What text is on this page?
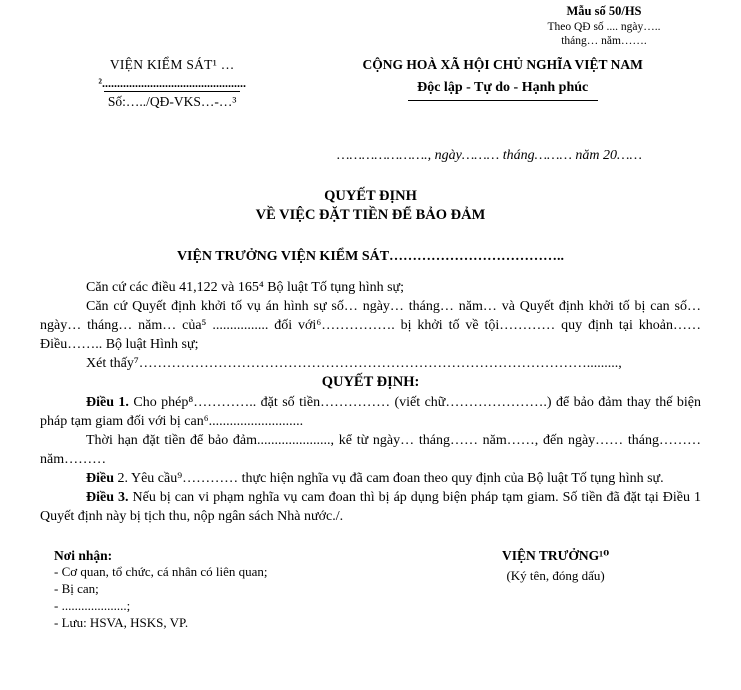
Mẫu số 50/HS
Theo QĐ số .... ngày…..
tháng… năm…….
VIỆN KIỂM SÁT¹ …
²................................................
Số:…../QĐ-VKS…-…³
CỘNG HOÀ XÃ HỘI CHỦ NGHĨA VIỆT NAM
Độc lập - Tự do - Hạnh phúc
…………………., ngày……… tháng……… năm 20……
QUYẾT ĐỊNH
VỀ VIỆC ĐẶT TIỀN ĐỂ BẢO ĐẢM
VIỆN TRƯỞNG VIỆN KIỂM SÁT………………………………..

Căn cứ các điều 41,122 và 165⁴ Bộ luật Tố tụng hình sự;

Căn cứ Quyết định khởi tố vụ án hình sự số… ngày… tháng… năm… và Quyết định khởi tố bị can số… ngày… tháng… năm… của⁵ ................ đối với⁶……………. bị khởi tố về tội………… quy định tại khoản…… Điều…….. Bộ luật Hình sự;

Xét thấy⁷…………………………………………………………………………………….........,

QUYẾT ĐỊNH:

Điều 1. Cho phép⁸………….. đặt số tiền…………… (viết chữ………………….) để bảo đảm thay thế biện pháp tạm giam đối với bị can⁶...........................

Thời hạn đặt tiền để bảo đảm....................., kể từ ngày… tháng…… năm……, đến ngày…… tháng……… năm………

Điều 2. Yêu cầu⁹………… thực hiện nghĩa vụ đã cam đoan theo quy định của Bộ luật Tố tụng hình sự.

Điều 3. Nếu bị can vi phạm nghĩa vụ cam đoan thì bị áp dụng biện pháp tạm giam. Số tiền đã đặt tại Điều 1 Quyết định này bị tịch thu, nộp ngân sách Nhà nước./.

Nơi nhận:
- Cơ quan, tổ chức, cá nhân có liên quan;
- Bị can;
- ....................;
- Lưu: HSVA, HSKS, VP.
VIỆN TRƯỞNG¹⁰
(Ký tên, đóng dấu)
